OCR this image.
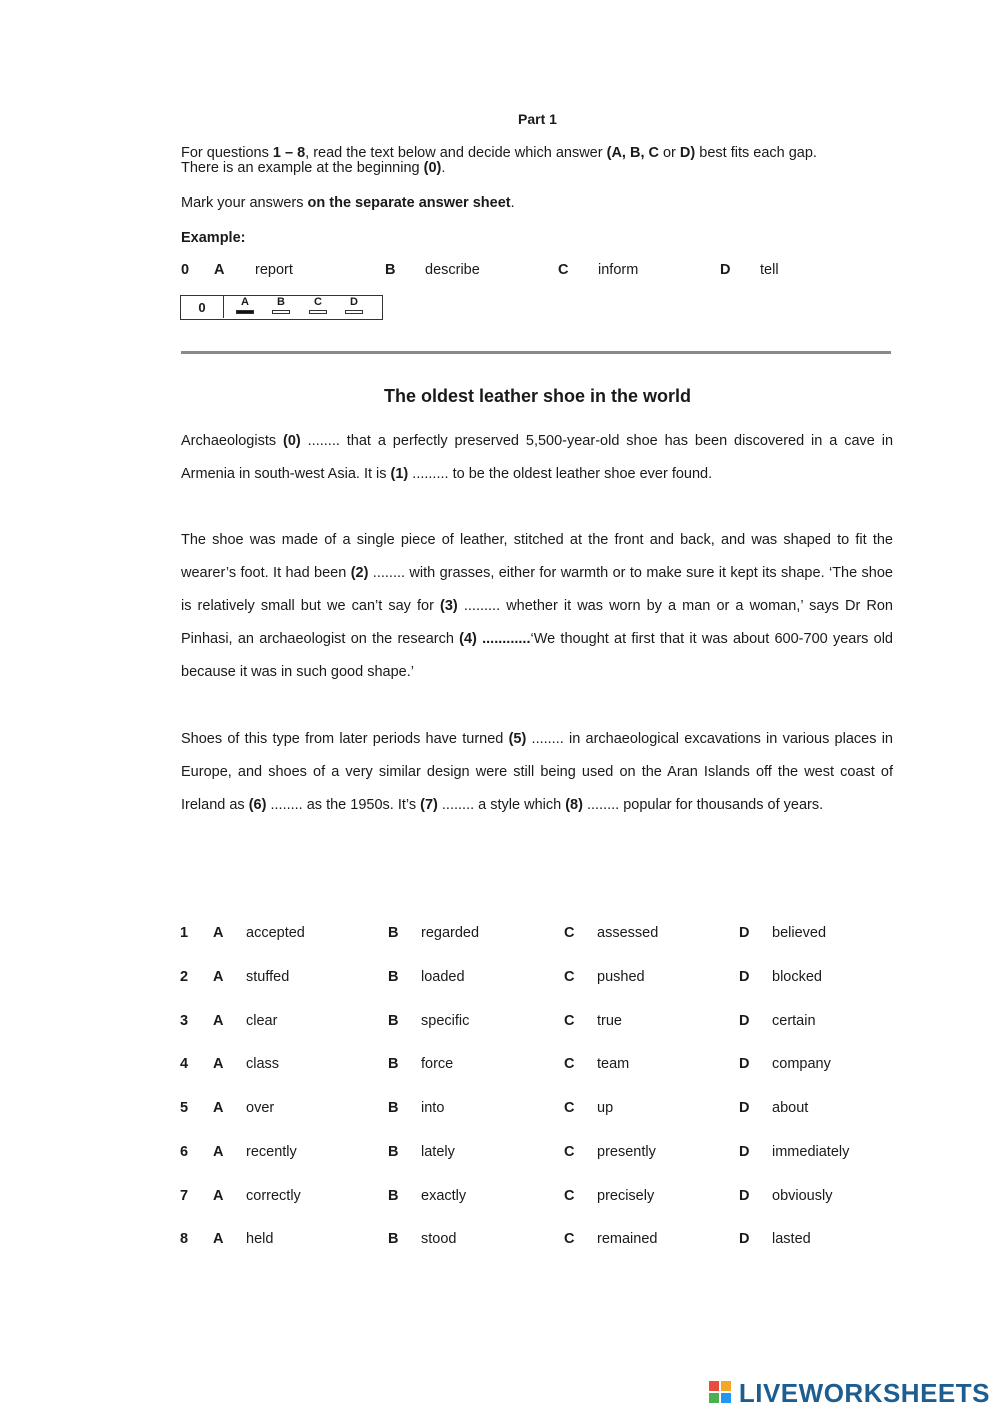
Part 1
For questions 1 – 8, read the text below and decide which answer (A, B, C or D) best fits each gap.
There is an example at the beginning (0).
Mark your answers on the separate answer sheet.
Example:
0 A report	B describe	C inform	D tell
0	A	B	C	D
The oldest leather shoe in the world
Archaeologists (0) ........ that a perfectly preserved 5,500-year-old shoe has been discovered in a cave in Armenia in south-west Asia. It is (1) ......... to be the oldest leather shoe ever found.
The shoe was made of a single piece of leather, stitched at the front and back, and was shaped to fit the wearer’s foot. It had been (2) ........ with grasses, either for warmth or to make sure it kept its shape. ‘The shoe is relatively small but we can’t say for (3) ......... whether it was worn by a man or a woman,’ says Dr Ron Pinhasi, an archaeologist on the research (4) ............‘We thought at first that it was about 600-700 years old because it was in such good shape.’
Shoes of this type from later periods have turned (5) ........ in archaeological excavations in various places in Europe, and shoes of a very similar design were still being used on the Aran Islands off the west coast of Ireland as (6) ........ as the 1950s. It’s (7) ........ a style which (8) ........ popular for thousands of years.
1 A accepted	B regarded	C assessed	D believed
2 A stuffed	B loaded	C pushed	D blocked
3 A clear	B specific	C true	D certain
4 A class	B force	C team	D company
5 A over	B into	C up	D about
6 A recently	B lately	C presently	D immediately
7 A correctly	B exactly	C precisely	D obviously
8 A held	B stood	C remained	D lasted
LIVEWORKSHEETS
